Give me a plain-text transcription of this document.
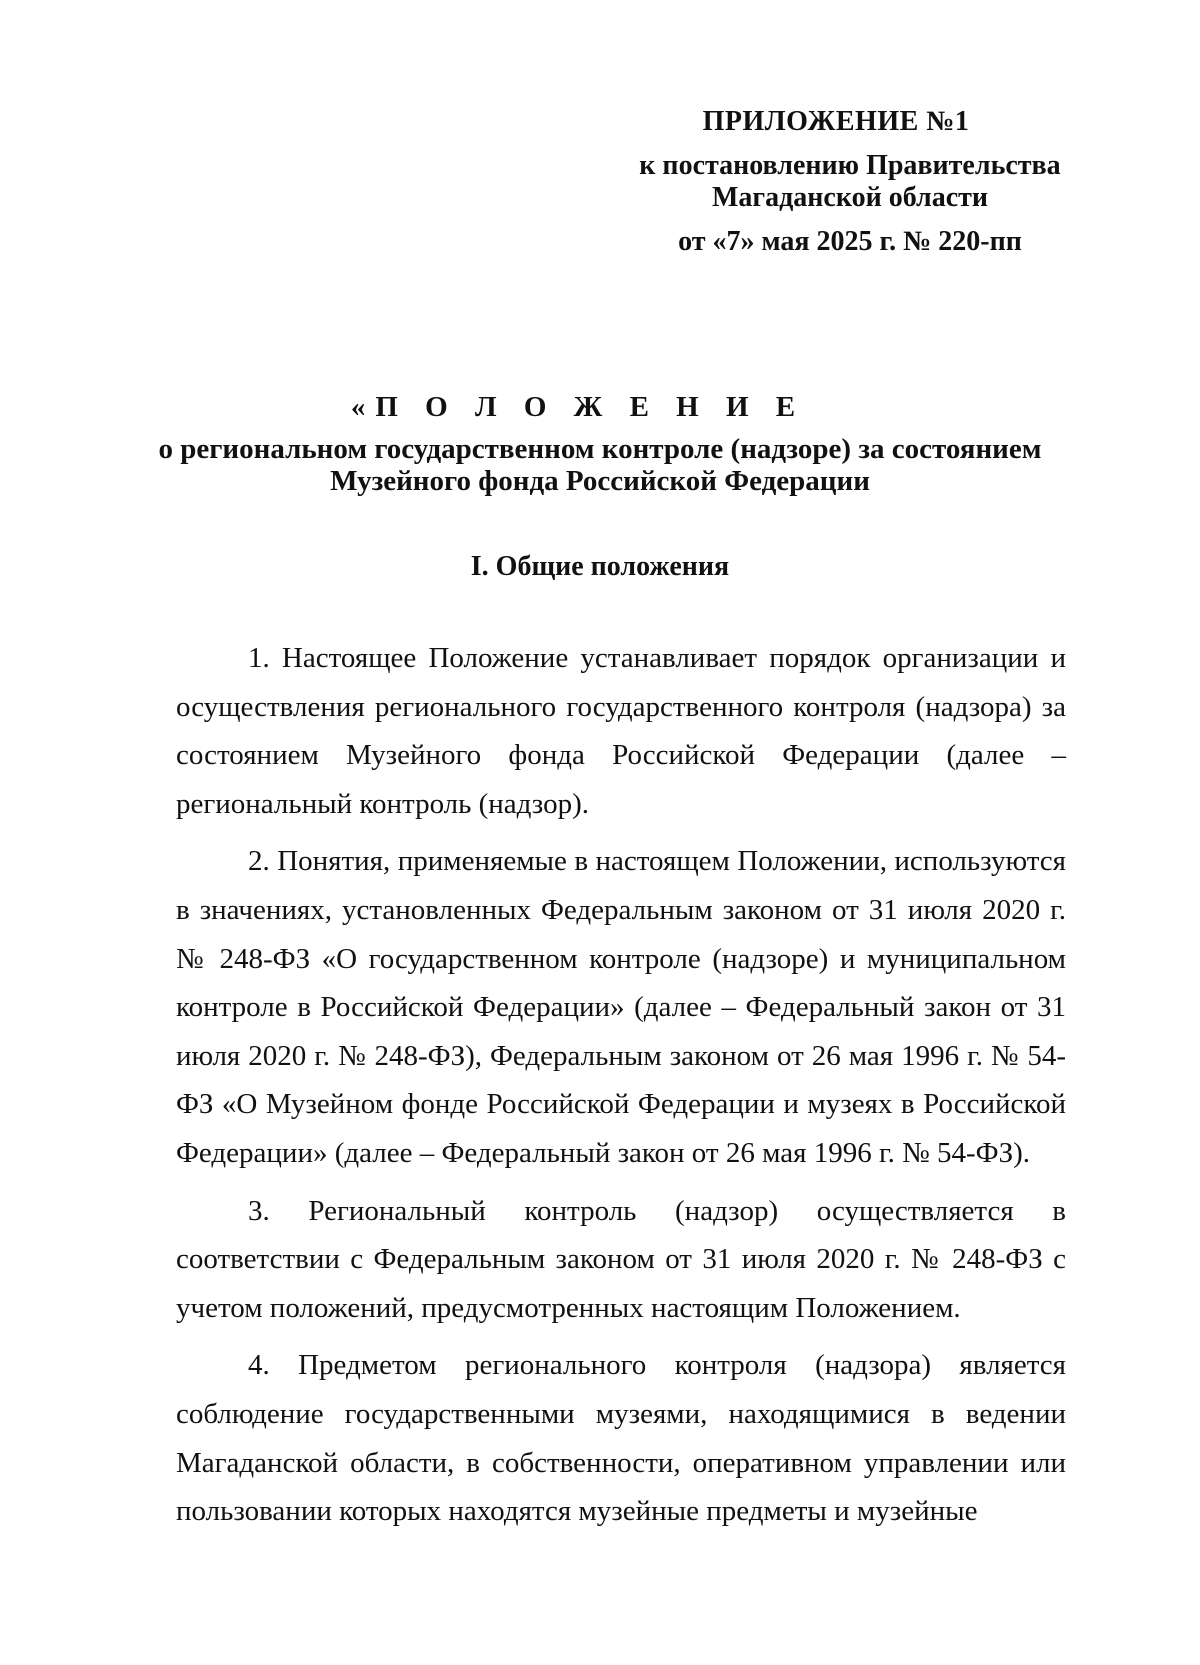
ПРИЛОЖЕНИЕ №1
к постановлению Правительства
Магаданской области
от «7» мая 2025 г. № 220-пп
«П О Л О Ж Е Н И Е
о региональном государственном контроле (надзоре) за состоянием
Музейного фонда Российской Федерации
I. Общие положения

1. Настоящее Положение устанавливает порядок организации и осуществления регионального государственного контроля (надзора) за состоянием Музейного фонда Российской Федерации (далее – региональный контроль (надзор).

2. Понятия, применяемые в настоящем Положении, используются в значениях, установленных Федеральным законом от 31 июля 2020 г. № 248-ФЗ «О государственном контроле (надзоре) и муниципальном контроле в Российской Федерации» (далее – Федеральный закон от 31 июля 2020 г. № 248-ФЗ), Федеральным законом от 26 мая 1996 г. № 54-ФЗ «О Музейном фонде Российской Федерации и музеях в Российской Федерации» (далее – Федеральный закон от 26 мая 1996 г. № 54-ФЗ).

3. Региональный контроль (надзор) осуществляется в соответствии с Федеральным законом от 31 июля 2020 г. № 248-ФЗ с учетом положений, предусмотренных настоящим Положением.

4. Предметом регионального контроля (надзора) является соблюдение государственными музеями, находящимися в ведении Магаданской области, в собственности, оперативном управлении или пользовании которых находятся музейные предметы и музейные
